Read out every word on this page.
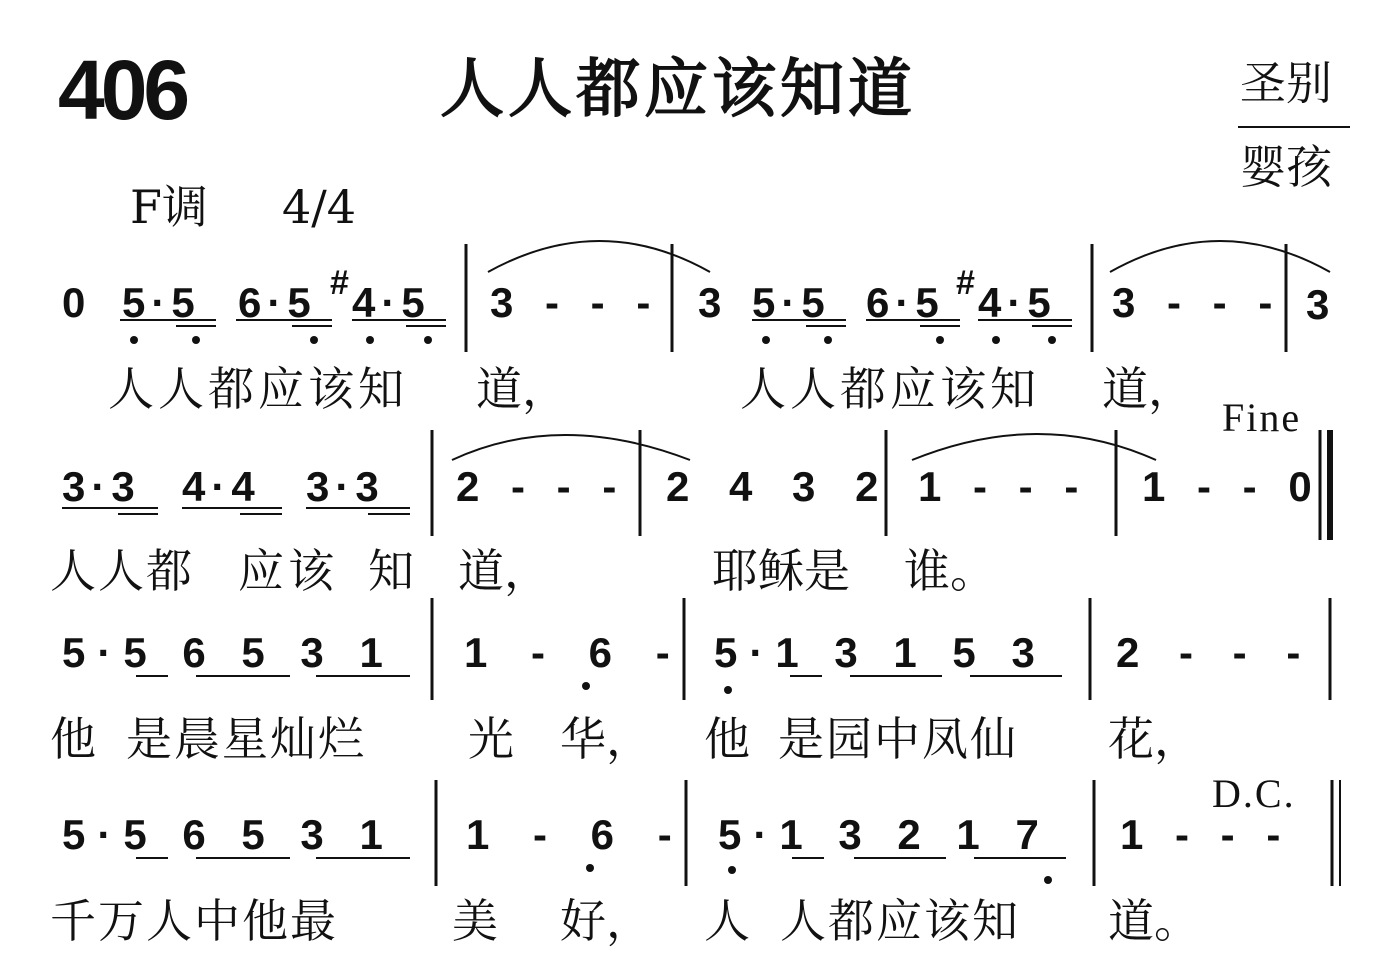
406	人人都应该知道	圣别
婴孩
F调 4/4
0 5·5 6·5 # 4·5 3 - - - 3 5·5 6·5 # 4·5 3 - - - 3
人人都应该知 道，	人人都应该知 道，
Fine
3·3 4·4 3·3 2 - - - 2 4 3 2 1 - - - 1 - - 0
人人都 应该 知 道，	耶稣是 谁。
5·5 6 5 3 1 1 - 6 - 5·1 3 1 5 3 2 - - -
他 是晨星灿烂 光 华， 他 是园中凤仙 花，
D.C.
5·5 6 5 3 1 1 - 6 - 5·1 3 2 1 7 1 - - -
千万人中他最 美 好， 人 人都应该知 道。
